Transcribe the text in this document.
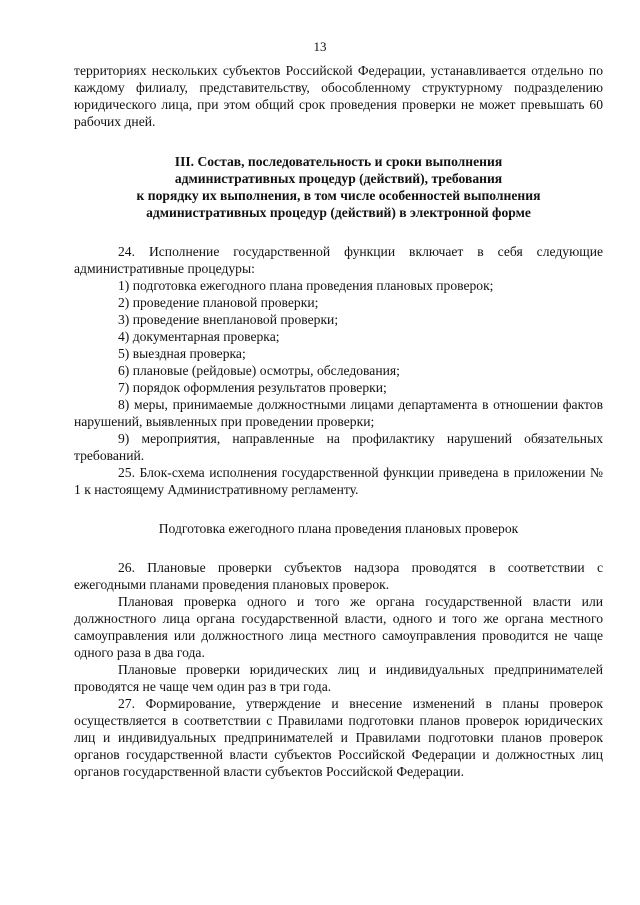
13

территориях нескольких субъектов Российской Федерации, устанавливается отдельно по каждому филиалу, представительству, обособленному структурному подразделению юридического лица, при этом общий срок проведения проверки не может превышать 60 рабочих дней.

III. Состав, последовательность и сроки выполнения
административных процедур (действий), требования
к порядку их выполнения, в том числе особенностей выполнения
административных процедур (действий) в электронной форме

24. Исполнение государственной функции включает в себя следующие административные процедуры:

1) подготовка ежегодного плана проведения плановых проверок;

2) проведение плановой проверки;

3) проведение внеплановой проверки;

4) документарная проверка;

5) выездная проверка;

6) плановые (рейдовые) осмотры, обследования;

7) порядок оформления результатов проверки;

8) меры, принимаемые должностными лицами департамента в отношении фактов нарушений, выявленных при проведении проверки;

9) мероприятия, направленные на профилактику нарушений обязательных требований.

25. Блок-схема исполнения государственной функции приведена в приложении № 1 к настоящему Административному регламенту.

Подготовка ежегодного плана проведения плановых проверок

26. Плановые проверки субъектов надзора проводятся в соответствии с ежегодными планами проведения плановых проверок.

Плановая проверка одного и того же органа государственной власти или должностного лица органа государственной власти, одного и того же органа местного самоуправления или должностного лица местного самоуправления проводится не чаще одного раза в два года.

Плановые проверки юридических лиц и индивидуальных предпринимателей проводятся не чаще чем один раз в три года.

27. Формирование, утверждение и внесение изменений в планы проверок осуществляется в соответствии с Правилами подготовки планов проверок юридических лиц и индивидуальных предпринимателей и Правилами подготовки планов проверок органов государственной власти субъектов Российской Федерации и должностных лиц органов государственной власти субъектов Российской Федерации.
